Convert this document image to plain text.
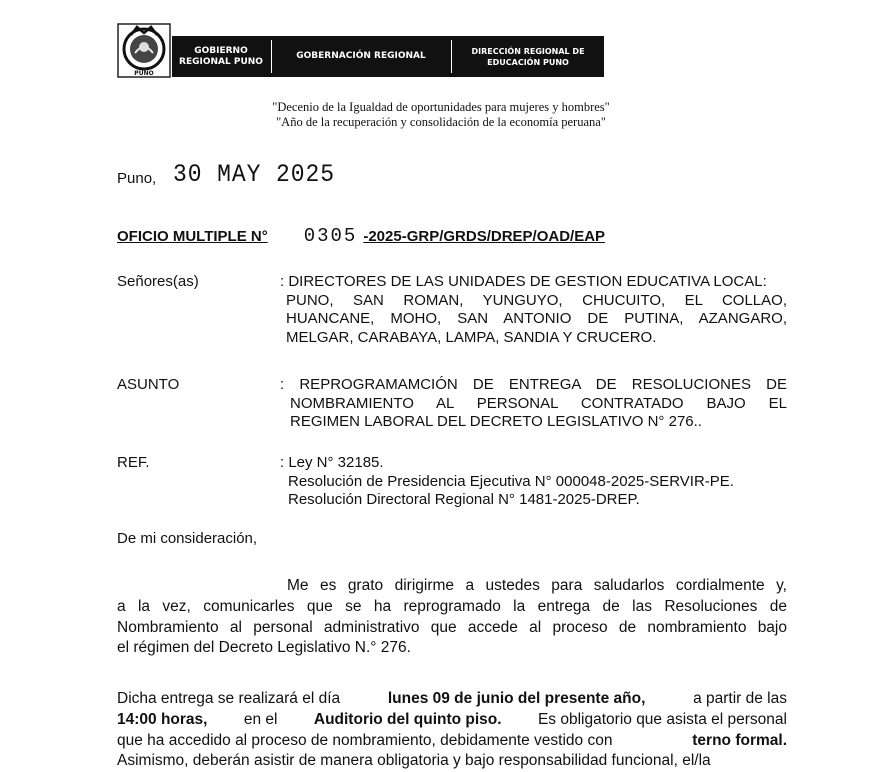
PUNO
GOBIERNO
REGIONAL PUNO
GOBERNACIÓN REGIONAL	DIRECCIÓN REGIONAL DE
EDUCACIÓN PUNO
"Decenio de la Igualdad de oportunidades para mujeres y hombres"
"Año de la recuperación y consolidación de la economía peruana"
Puno, 30 MAY 2025
OFICIO MULTIPLE N° 0305 -2025-GRP/GRDS/DREP/OAD/EAP
Señores(as)	: DIRECTORES DE LAS UNIDADES DE GESTION EDUCATIVA LOCAL:
PUNO, SAN ROMAN, YUNGUYO, CHUCUITO, EL COLLAO,
HUANCANE, MOHO, SAN ANTONIO DE PUTINA, AZANGARO,
MELGAR, CARABAYA, LAMPA, SANDIA Y CRUCERO.
ASUNTO	: REPROGRAMAMCIÓN DE ENTREGA DE RESOLUCIONES DE
NOMBRAMIENTO AL PERSONAL CONTRATADO BAJO EL
REGIMEN LABORAL DEL DECRETO LEGISLATIVO N° 276..
REF.	: Ley N° 32185.
Resolución de Presidencia Ejecutiva N° 000048-2025-SERVIR-PE.
Resolución Directoral Regional N° 1481-2025-DREP.
De mi consideración,
Me es grato dirigirme a ustedes para saludarlos cordialmente y,
a la vez, comunicarles que se ha reprogramado la entrega de las Resoluciones de
Nombramiento al personal administrativo que accede al proceso de nombramiento bajo
el régimen del Decreto Legislativo N.° 276.
Dicha entrega se realizará el día	lunes 09 de junio del presente año,	a partir de las
14:00 horas, en el Auditorio del quinto piso. Es obligatorio que asista el personal
que ha accedido al proceso de nombramiento, debidamente vestido con	terno formal.
Asimismo, deberán asistir de manera obligatoria y bajo responsabilidad funcional, el/la
